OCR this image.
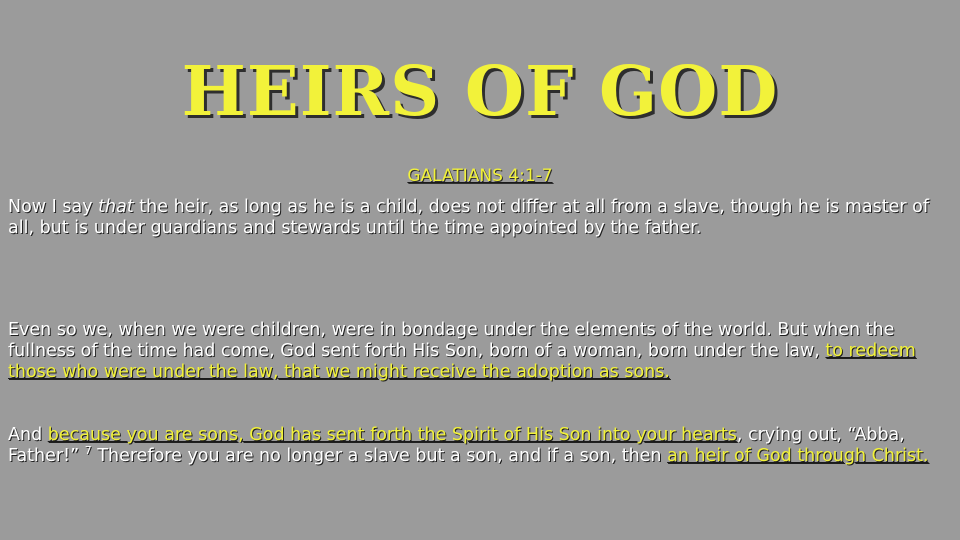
HEIRS OF GOD
GALATIANS 4:1-7

Now I say that the heir, as long as he is a child, does not differ at all from a slave, though he is master of all, but is under guardians and stewards until the time appointed by the father.

Even so we, when we were children, were in bondage under the elements of the world. But when the fullness of the time had come, God sent forth His Son, born of a woman, born under the law, to redeem those who were under the law, that we might receive the adoption as sons.

And because you are sons, God has sent forth the Spirit of His Son into your hearts, crying out, “Abba, Father!” $^7$ Therefore you are no longer a slave but a son, and if a son, then an heir of God through Christ.
